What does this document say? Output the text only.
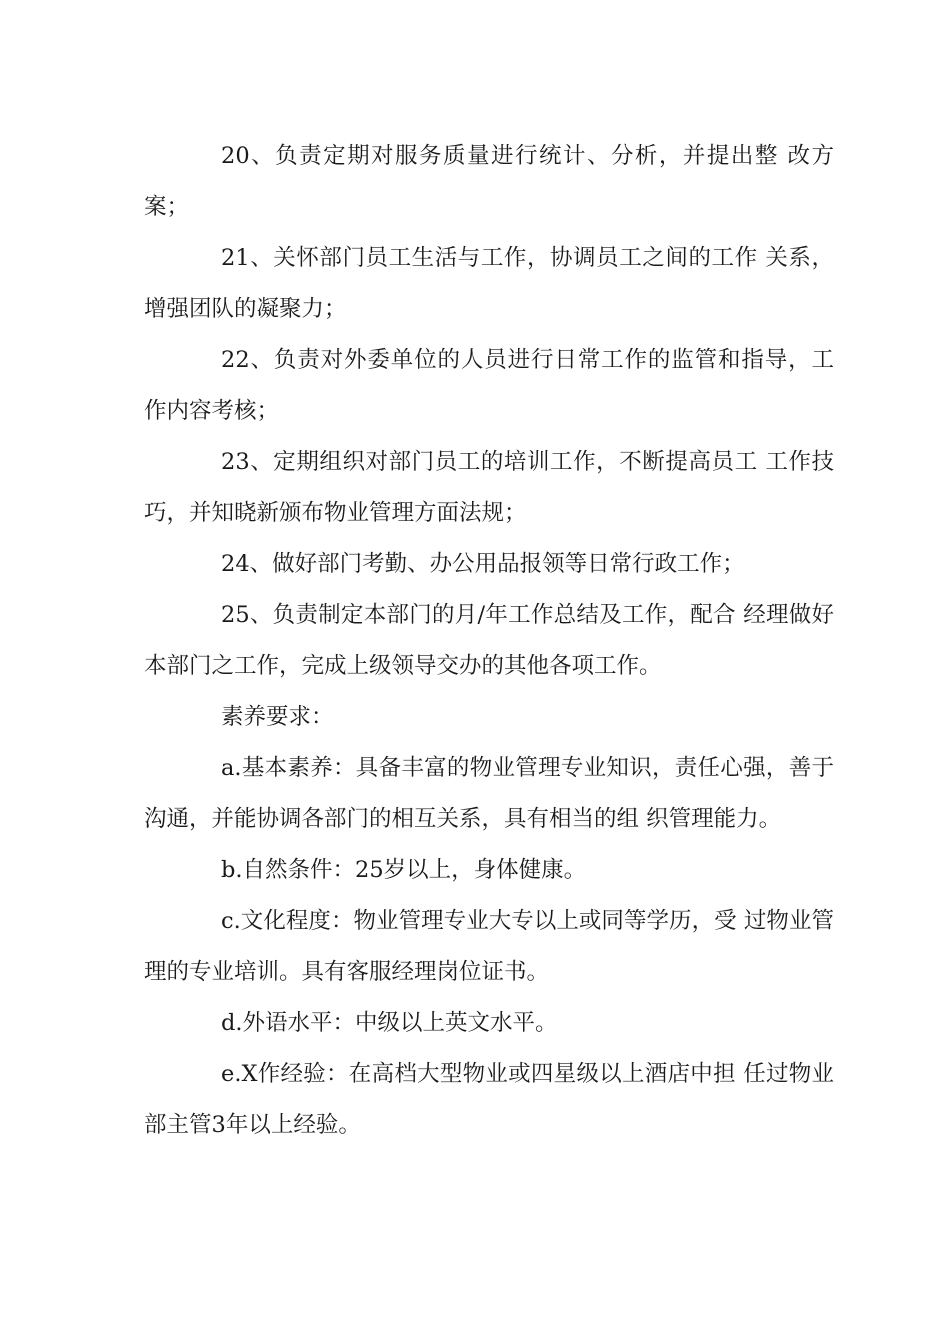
20、负责定期对服务质量进行统计、分析，并提出整 改方案；

21、关怀部门员工生活与工作，协调员工之间的工作 关系，增强团队的凝聚力；

22、负责对外委单位的人员进行日常工作的监管和指导，工作内容考核；

23、定期组织对部门员工的培训工作，不断提高员工 工作技巧，并知晓新颁布物业管理方面法规；

24、做好部门考勤、办公用品报领等日常行政工作；

25、负责制定本部门的月/年工作总结及工作，配合 经理做好本部门之工作，完成上级领导交办的其他各项工作。

素养要求：

a.基本素养：具备丰富的物业管理专业知识，责任心强，善于沟通，并能协调各部门的相互关系，具有相当的组 织管理能力。

b.自然条件：25岁以上，身体健康。

c.文化程度：物业管理专业大专以上或同等学历，受 过物业管理的专业培训。具有客服经理岗位证书。

d.外语水平：中级以上英文水平。

e.X作经验：在高档大型物业或四星级以上酒店中担 任过物业部主管3年以上经验。
